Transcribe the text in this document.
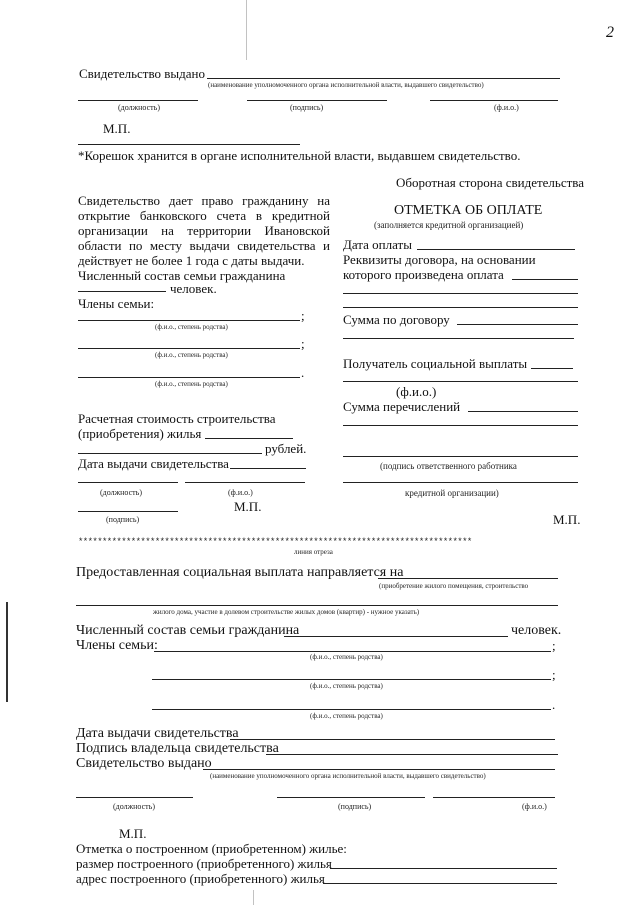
2
Свидетельство выдано
(наименование уполномоченного органа исполнительной власти, выдавшего свидетельство)
(должность)	(подпись)	(ф.и.о.)
М.П.
*Корешок хранится в органе исполнительной власти, выдавшем свидетельство.
Свидетельство дает право гражданину на
открытие банковского счета в кредитной
организации на территории Ивановской
области по месту выдачи свидетельства и
действует не более 1 года с даты выдачи.
Численный состав семьи гражданина
человек.
Члены семьи:
;
(ф.и.о., степень родства)
;
(ф.и.о., степень родства)
.
(ф.и.о., степень родства)
Расчетная стоимость строительства
(приобретения) жилья
рублей.
Дата выдачи свидетельства
(должность)	(ф.и.о.)
М.П.
(подпись)
Оборотная сторона свидетельства
ОТМЕТКА ОБ ОПЛАТЕ
(заполняется кредитной организацией)
Дата оплаты
Реквизиты договора, на основании
которого произведена оплата
Сумма по договору
Получатель социальной выплаты
(ф.и.о.)
Сумма перечислений
(подпись ответственного работника
кредитной организации)
М.П.
**********************************************************************************
линия отреза
Предоставленная социальная выплата направляется на
(приобретение жилого помещения, строительство
жилого дома, участие в долевом строительстве жилых домов (квартир) - нужное указать)
Численный состав семьи гражданина	человек.
Члены семьи:	;
(ф.и.о., степень родства)
;
(ф.и.о., степень родства)
.
(ф.и.о., степень родства)
Дата выдачи свидетельства
Подпись владельца свидетельства
Свидетельство выдано
(наименование уполномоченного органа исполнительной власти, выдавшего свидетельство)
(должность)	(подпись)	(ф.и.о.)
М.П.
Отметка о построенном (приобретенном) жилье:
размер построенного (приобретенного) жилья
адрес построенного (приобретенного) жилья
